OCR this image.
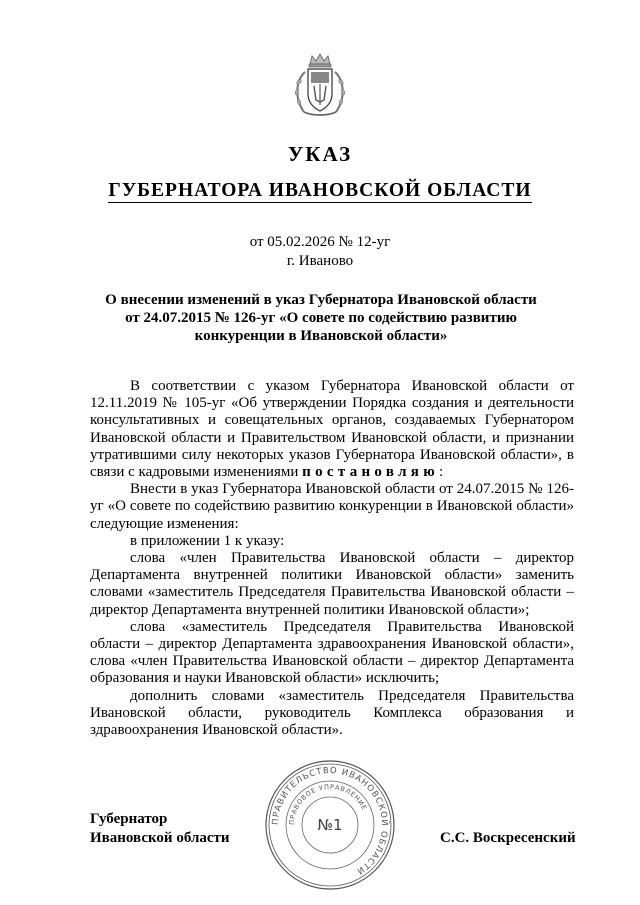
УКАЗ
ГУБЕРНАТОРА ИВАНОВСКОЙ ОБЛАСТИ
от 05.02.2026 № 12-уг
г. Иваново
О внесении изменений в указ Губернатора Ивановской области
от 24.07.2015 № 126-уг «О совете по содействию развитию
конкуренции в Ивановской области»

В соответствии с указом Губернатора Ивановской области от 12.11.2019 № 105-уг «Об утверждении Порядка создания и деятельности консультативных и совещательных органов, создаваемых Губернатором Ивановской области и Правительством Ивановской области, и признании утратившими силу некоторых указов Губернатора Ивановской области», в связи с кадровыми изменениями постановляю:

Внести в указ Губернатора Ивановской области от 24.07.2015 № 126-уг «О совете по содействию развитию конкуренции в Ивановской области» следующие изменения:

в приложении 1 к указу:

слова «член Правительства Ивановской области – директор Департамента внутренней политики Ивановской области» заменить словами «заместитель Председателя Правительства Ивановской области – директор Департамента внутренней политики Ивановской области»;

слова «заместитель Председателя Правительства Ивановской области – директор Департамента здравоохранения Ивановской области», слова «член Правительства Ивановской области – директор Департамента образования и науки Ивановской области» исключить;

дополнить словами «заместитель Председателя Правительства Ивановской области, руководитель Комплекса образования и здравоохранения Ивановской области».

Губернатор
Ивановской области
ПРАВИТЕЛЬСТВО ИВАНОВСКОЙ ОБЛАСТИ
ПРАВОВОЕ УПРАВЛЕНИЕ
№1
С.С. Воскресенский
